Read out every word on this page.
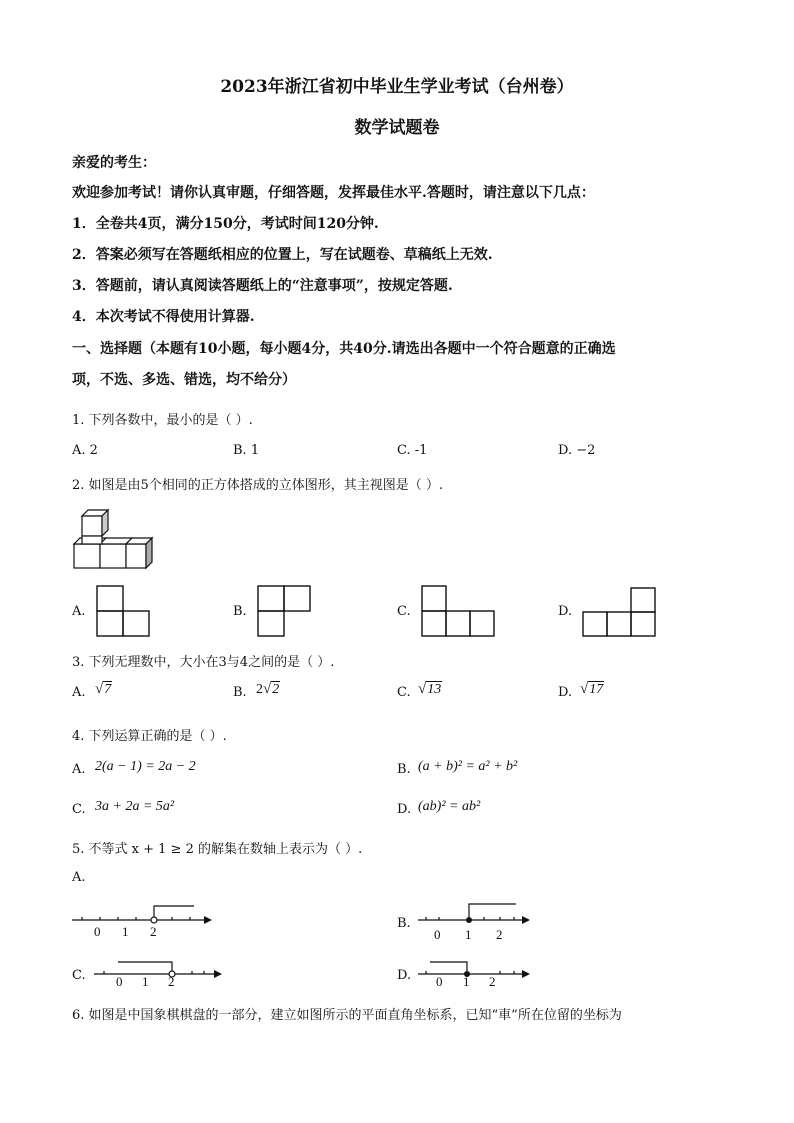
2023年浙江省初中毕业生学业考试（台州卷）
数学试题卷
亲爱的考生：
欢迎参加考试！请你认真审题，仔细答题，发挥最佳水平.答题时，请注意以下几点：
1．全卷共4页，满分150分，考试时间120分钟.
2．答案必须写在答题纸相应的位置上，写在试题卷、草稿纸上无效.
3．答题前，请认真阅读答题纸上的“注意事项”，按规定答题.
4．本次考试不得使用计算器.
一、选择题（本题有10小题，每小题4分，共40分.请选出各题中一个符合题意的正确选
项，不选、多选、错选，均不给分）
1. 下列各数中，最小的是（ ）.
A. 2	B. 1	C. -1	D. −2
2. 如图是由5个相同的正方体搭成的立体图形，其主视图是（ ）.
A.	B.	C.	D.
3. 下列无理数中，大小在3与4之间的是（ ）.
A. √7	B. 2√2	C. √13	D. √17
4. 下列运算正确的是（ ）.
A. 2(a − 1) = 2a − 2	B. (a + b)² = a² + b²
C. 3a + 2a = 5a²	D. (ab)² = ab²
5. 不等式 x + 1 ≥ 2 的解集在数轴上表示为（ ）.
A.
0 1 2
B.
0 1 2
C. 0 1 2	D. 0 1 2
6. 如图是中国象棋棋盘的一部分，建立如图所示的平面直角坐标系，已知“車”所在位留的坐标为
